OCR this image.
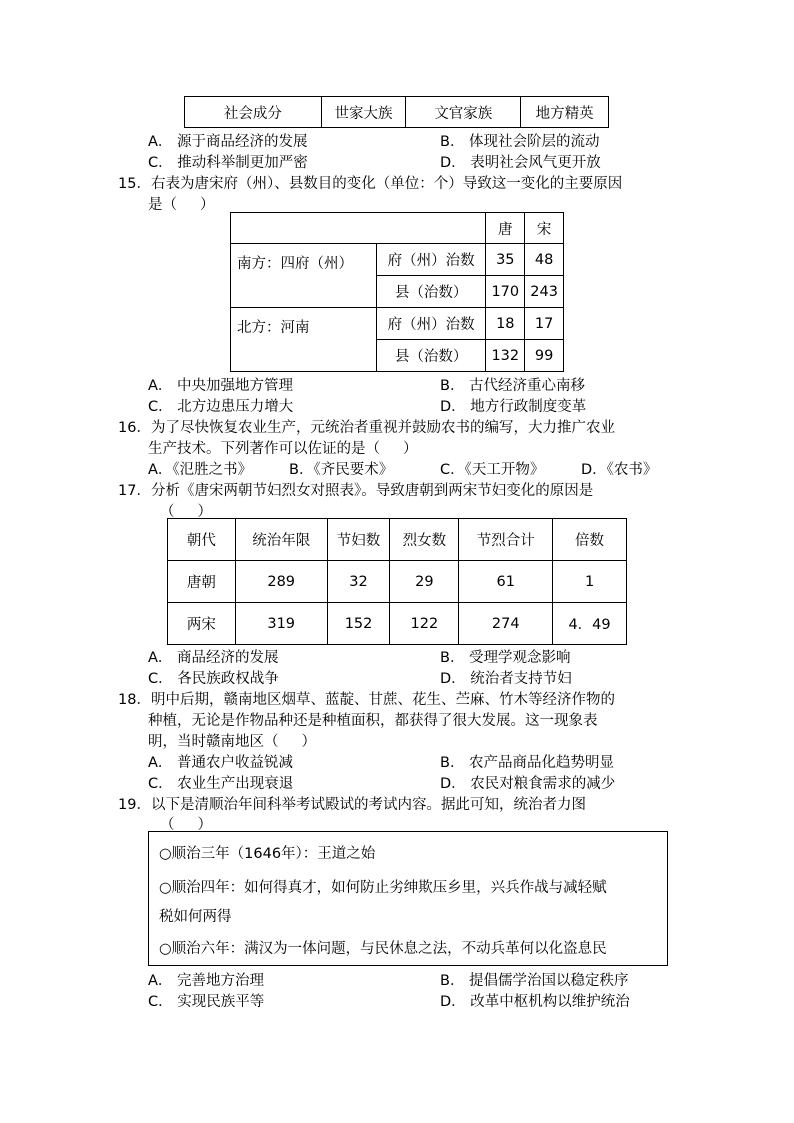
社会成分	世家大族	文官家族	地方精英
A． 源于商品经济的发展	B． 体现社会阶层的流动
C． 推动科举制更加严密	D． 表明社会风气更开放
15．右表为唐宋府（州）、县数目的变化（单位：个）导致这一变化的主要原因
是（     ）
		唐	宋
南方：四府（州）	府（州）治数	35	48
	县（治数）	170	243
北方：河南	府（州）治数	18	17
	县（治数）	132	99
A． 中央加强地方管理	B． 古代经济重心南移
C． 北方边患压力增大	D． 地方行政制度变革
16．为了尽快恢复农业生产，元统治者重视并鼓励农书的编写，大力推广农业
生产技术。下列著作可以佐证的是（     ）
A．《氾胜之书》	B．《齐民要术》	C．《天工开物》	D．《农书》
17．分析《唐宋两朝节妇烈女对照表》。导致唐朝到两宋节妇变化的原因是
（     ）
朝代	统治年限	节妇数	烈女数	节烈合计	倍数
唐朝	289	32	29	61	1
两宋	319	152	122	274	4．49
A． 商品经济的发展	B． 受理学观念影响
C． 各民族政权战争	D． 统治者支持节妇
18．明中后期，赣南地区烟草、蓝靛、甘蔗、花生、苎麻、竹木等经济作物的
种植，无论是作物品种还是种植面积，都获得了很大发展。这一现象表
明，当时赣南地区（     ）
A． 普通农户收益锐减	B． 农产品商品化趋势明显
C． 农业生产出现衰退	D． 农民对粮食需求的减少
19．以下是清顺治年间科举考试殿试的考试内容。据此可知，统治者力图
（     ）
○顺治三年（1646年）：王道之始
○顺治四年：如何得真才，如何防止劣绅欺压乡里，兴兵作战与减轻赋
税如何两得
○顺治六年：满汉为一体问题，与民休息之法，不动兵革何以化盗息民
A． 完善地方治理	B． 提倡儒学治国以稳定秩序
C． 实现民族平等	D． 改革中枢机构以维护统治
